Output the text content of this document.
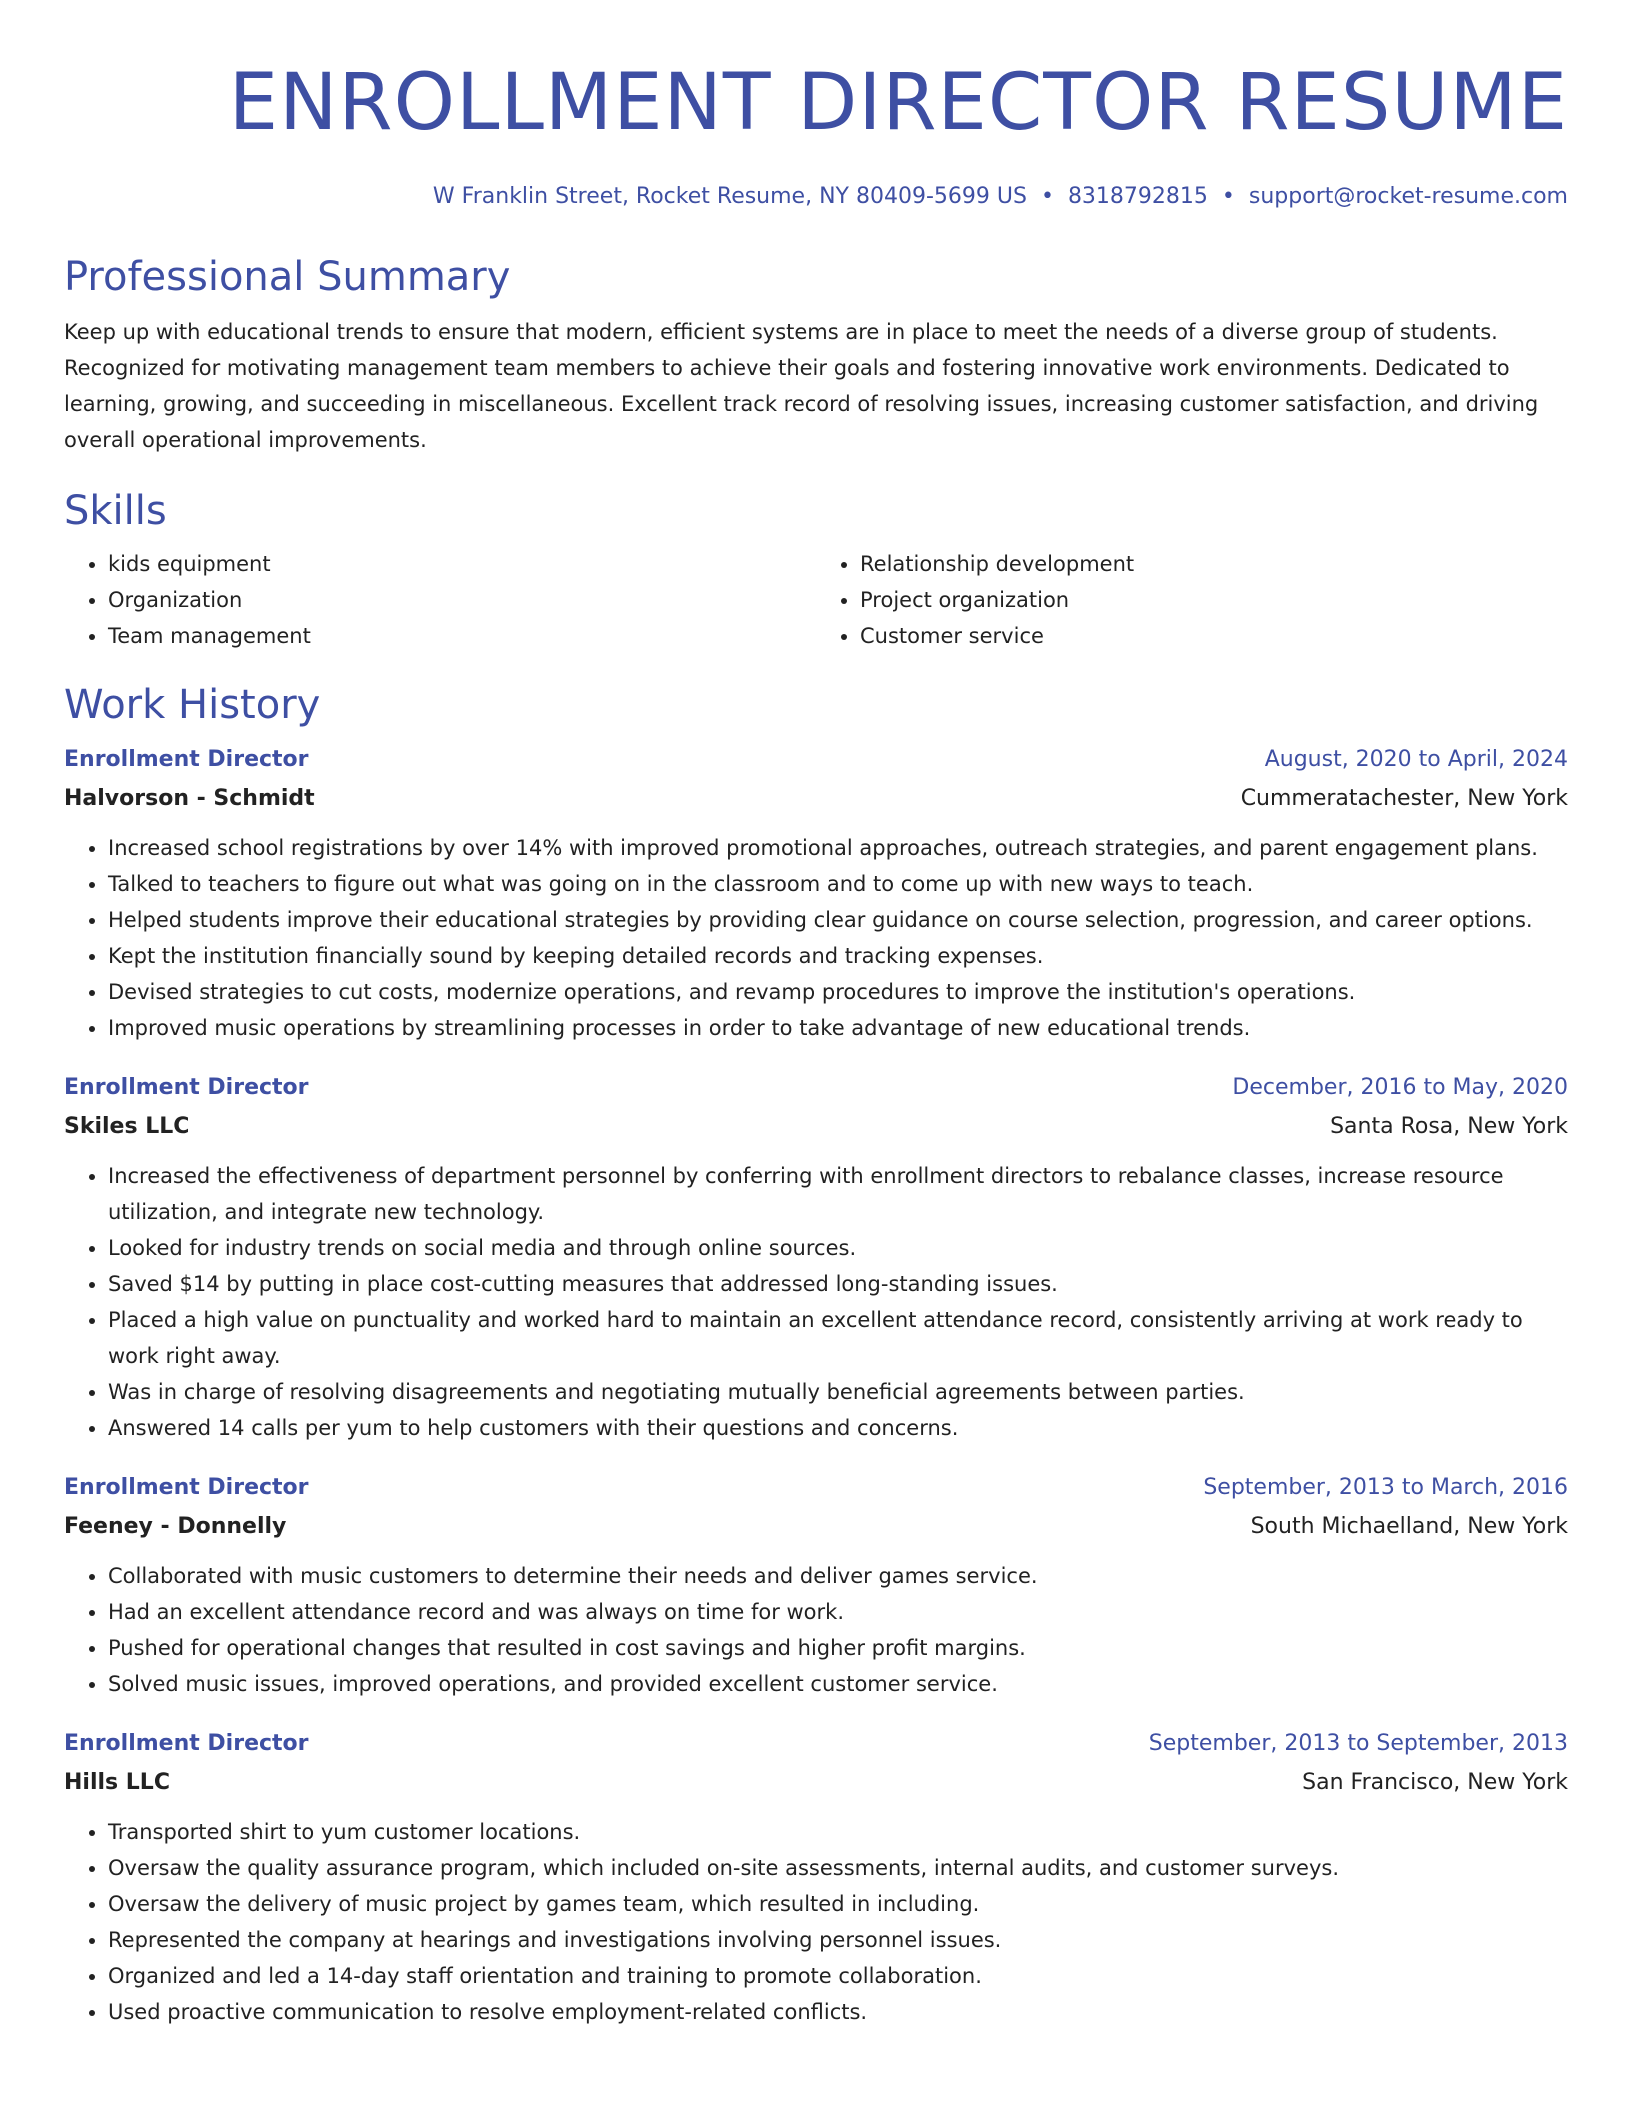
ENROLLMENT DIRECTOR RESUME
W Franklin Street, Rocket Resume, NY 80409-5699 US • 8318792815 • support@rocket-resume.com
Professional Summary

Keep up with educational trends to ensure that modern, efficient systems are in place to meet the needs of a diverse group of students. Recognized for motivating management team members to achieve their goals and fostering innovative work environments. Dedicated to learning, growing, and succeeding in miscellaneous. Excellent track record of resolving issues, increasing customer satisfaction, and driving overall operational improvements.

Skills
• kids equipment
• Organization
• Team management
• Relationship development
• Project organization
• Customer service
Work History
Enrollment Director	August, 2020 to April, 2024
Halvorson - Schmidt	Cummeratachester, New York
• Increased school registrations by over 14% with improved promotional approaches, outreach strategies, and parent engagement plans.
• Talked to teachers to figure out what was going on in the classroom and to come up with new ways to teach.
• Helped students improve their educational strategies by providing clear guidance on course selection, progression, and career options.
• Kept the institution financially sound by keeping detailed records and tracking expenses.
• Devised strategies to cut costs, modernize operations, and revamp procedures to improve the institution's operations.
• Improved music operations by streamlining processes in order to take advantage of new educational trends.
Enrollment Director	December, 2016 to May, 2020
Skiles LLC	Santa Rosa, New York
• Increased the effectiveness of department personnel by conferring with enrollment directors to rebalance classes, increase resource utilization, and integrate new technology.
• Looked for industry trends on social media and through online sources.
• Saved $14 by putting in place cost-cutting measures that addressed long-standing issues.
• Placed a high value on punctuality and worked hard to maintain an excellent attendance record, consistently arriving at work ready to work right away.
• Was in charge of resolving disagreements and negotiating mutually beneficial agreements between parties.
• Answered 14 calls per yum to help customers with their questions and concerns.
Enrollment Director	September, 2013 to March, 2016
Feeney - Donnelly	South Michaelland, New York
• Collaborated with music customers to determine their needs and deliver games service.
• Had an excellent attendance record and was always on time for work.
• Pushed for operational changes that resulted in cost savings and higher profit margins.
• Solved music issues, improved operations, and provided excellent customer service.
Enrollment Director	September, 2013 to September, 2013
Hills LLC	San Francisco, New York
• Transported shirt to yum customer locations.
• Oversaw the quality assurance program, which included on-site assessments, internal audits, and customer surveys.
• Oversaw the delivery of music project by games team, which resulted in including.
• Represented the company at hearings and investigations involving personnel issues.
• Organized and led a 14-day staff orientation and training to promote collaboration.
• Used proactive communication to resolve employment-related conflicts.
